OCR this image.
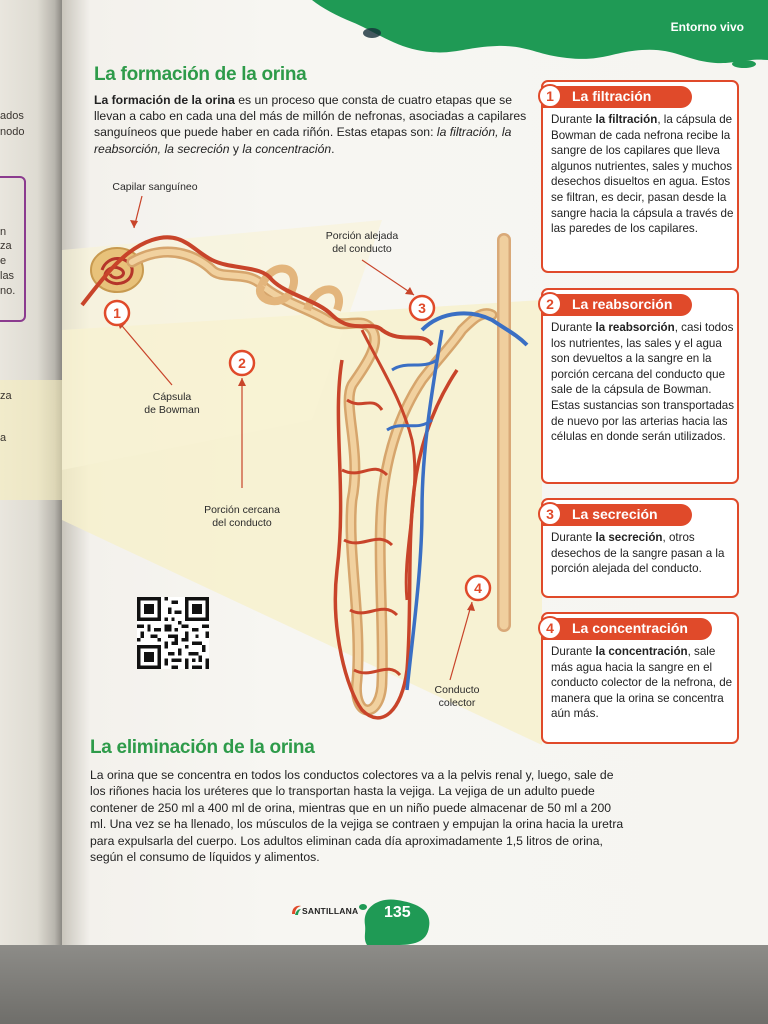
ados
nodo
n
za
e
las
no.
za
a
Entorno vivo
La formación de la orina

La formación de la orina es un proceso que consta de cuatro etapas que se llevan a cabo en cada una del más de millón de nefronas, asociadas a capilares sanguíneos que puede haber en cada riñón. Estas etapas son: la filtración, la reabsorción, la secreción y la concentración.

1
2
3
4
Capilar sanguíneo
Cápsula
de Bowman
Porción cercana
del conducto
Porción alejada
del conducto
Conducto
colector
1	La filtración

Durante la filtración, la cápsula de Bowman de cada nefrona recibe la sangre de los capilares que lleva algunos nutrientes, sales y muchos desechos disueltos en agua. Estos se filtran, es decir, pasan desde la sangre hacia la cápsula a través de las paredes de los capilares.

2	La reabsorción

Durante la reabsorción, casi todos los nutrientes, las sales y el agua son devueltos a la sangre en la porción cercana del conducto que sale de la cápsula de Bowman. Estas sustancias son transportadas de nuevo por las arterias hacia las células en donde serán utilizados.

3	La secreción

Durante la secreción, otros desechos de la sangre pasan a la porción alejada del conducto.

4	La concentración

Durante la concentración, sale más agua hacia la sangre en el conducto colector de la nefrona, de manera que la orina se concentra aún más.

La eliminación de la orina

La orina que se concentra en todos los conductos colectores va a la pelvis renal y, luego, sale de los riñones hacia los uréteres que lo transportan hasta la vejiga. La vejiga de un adulto puede contener de 250 ml a 400 ml de orina, mientras que en un niño puede almacenar de 50 ml a 200 ml. Una vez se ha llenado, los músculos de la vejiga se contraen y empujan la orina hacia la uretra para expulsarla del cuerpo. Los adultos eliminan cada día aproximadamente 1,5 litros de orina, según el consumo de líquidos y alimentos.

135
SANTILLANA
